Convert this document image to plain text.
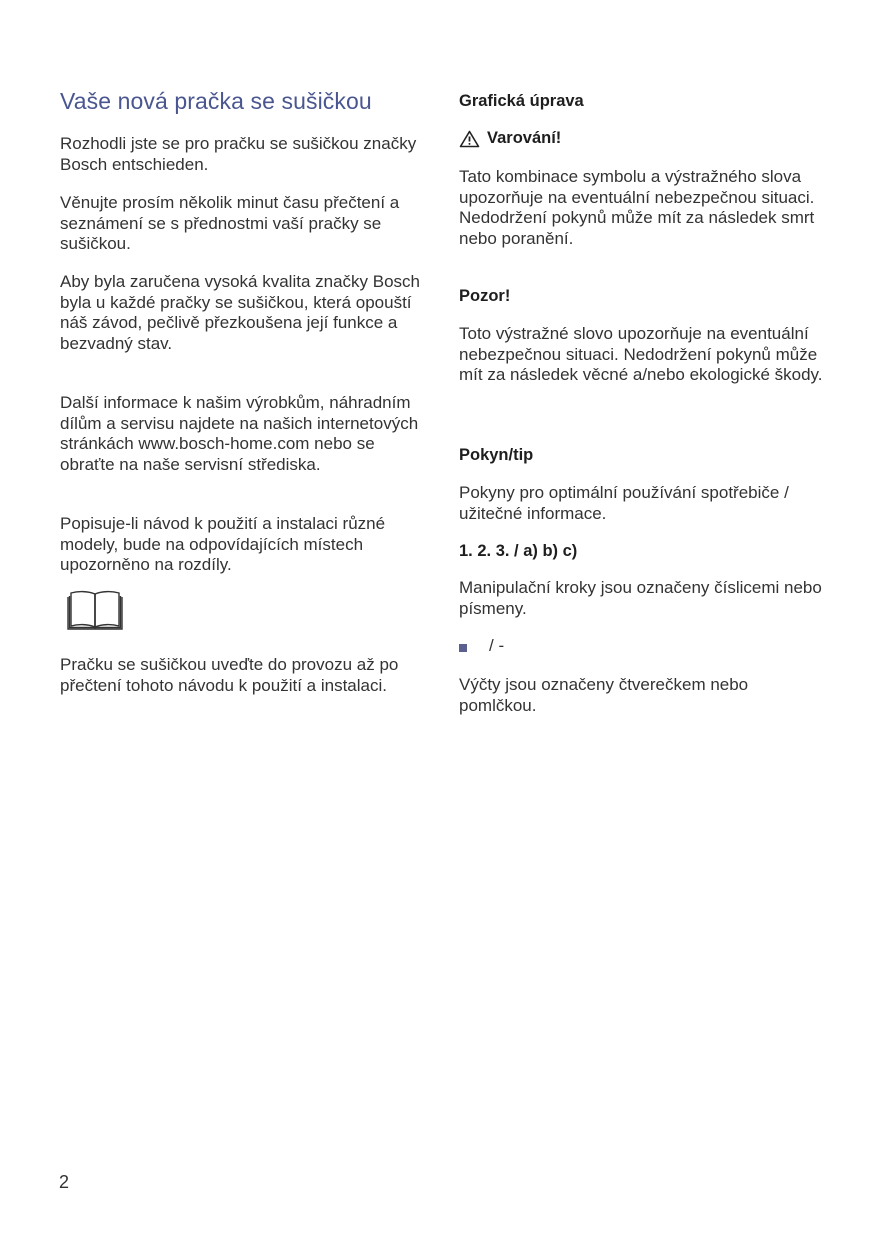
Vaše nová pračka se sušičkou

Rozhodli jste se pro pračku se sušičkou značky Bosch entschieden.

Věnujte prosím několik minut času přečtení a seznámení se s přednostmi vaší pračky se sušičkou.

Aby byla zaručena vysoká kvalita značky Bosch byla u každé pračky se sušičkou, která opouští náš závod, pečlivě přezkoušena její funkce a bezvadný stav.

Další informace k našim výrobkům, náhradním dílům a servisu najdete na našich internetových stránkách www.bosch-home.com nebo se obraťte na naše servisní střediska.

Popisuje-li návod k použití a instalaci různé modely, bude na odpovídajících místech upozorněno na rozdíly.

Pračku se sušičkou uveďte do provozu až po přečtení tohoto návodu k použití a instalaci.

Grafická úprava
Varování!

Tato kombinace symbolu a výstražného slova upozorňuje na eventuální nebezpečnou situaci. Nedodržení pokynů může mít za následek smrt nebo poranění.

Pozor!

Toto výstražné slovo upozorňuje na eventuální nebezpečnou situaci. Nedodržení pokynů může mít za následek věcné a/nebo ekologické škody.

Pokyn/tip

Pokyny pro optimální používání spotřebiče / užitečné informace.

1. 2. 3. / a) b) c)

Manipulační kroky jsou označeny číslicemi nebo písmeny.

/ -

Výčty jsou označeny čtverečkem nebo pomlčkou.

2
